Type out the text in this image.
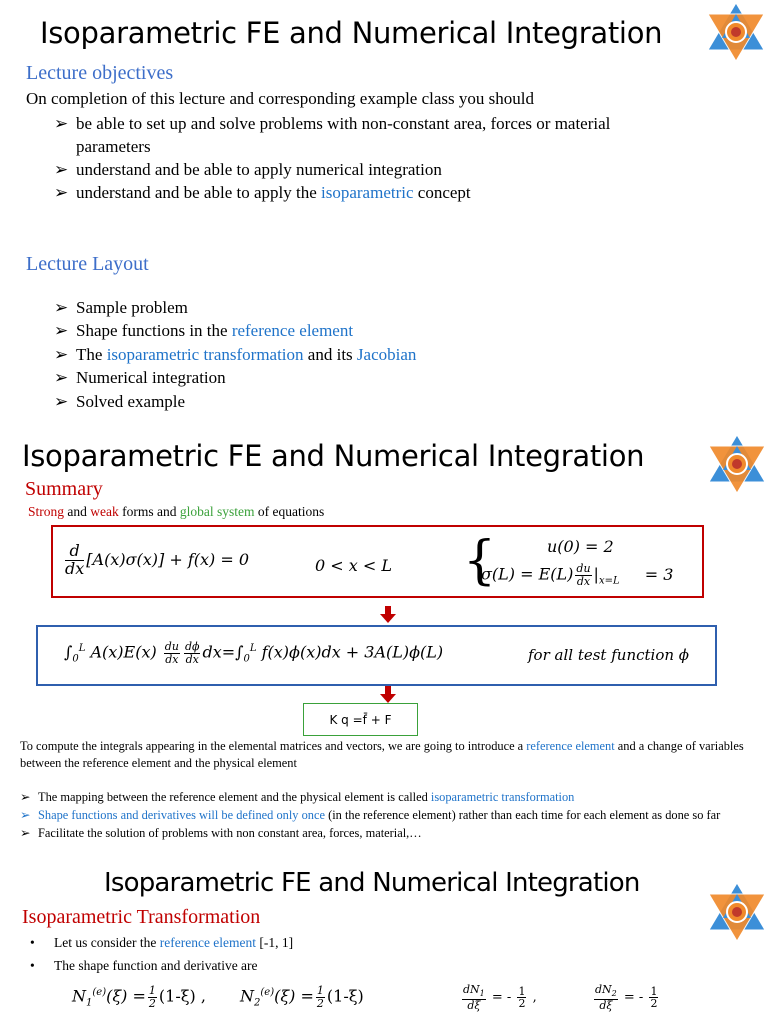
Isoparametric FE and Numerical Integration
Lecture objectives
On completion of this lecture and corresponding example class you should
➢ be able to set up and solve problems with non-constant area, forces or material
parameters
➢ understand and be able to apply numerical integration
➢ understand and be able to apply the isoparametric concept
Lecture Layout
➢ Sample problem
➢ Shape functions in the reference element
➢ The isoparametric transformation and its Jacobian
➢ Numerical integration
➢ Solved example
Isoparametric FE and Numerical Integration
Summary
Strong and weak forms and global system of equations
$\frac{d}{dx} [A(x)\sigma(x)] + f(x) = 0$	0 < x < L {	u(0) = 2
$\sigma(L) = E(L) \frac{du}{dx} |_{x=L} = 3$
$\int_0^L$ $A(x)E(x) \frac{du}{dx} \frac{d\phi}{dx} dx=\int_0^L$ f(x)ϕ(x)dx + 3A(L)ϕ(L)	for all test function ϕ
K q =f̄ + F
To compute the integrals appearing in the elemental matrices and vectors, we are going to introduce a reference element and a change of variables between the reference element and the physical element
➢ The mapping between the reference element and the physical element is called isoparametric transformation
➢ Shape functions and derivatives will be defined only once (in the reference element) rather than each time for each element as done so far
➢ Facilitate the solution of problems with non constant area, forces, material,…
Isoparametric FE and Numerical Integration
Isoparametric Transformation
• Let us consider the reference element [-1, 1]
• The shape function and derivative are
$N_1^{(e)}(\xi) = \frac{1}{2} (1-\xi)$ , $N_2^{(e)}(\xi) = \frac{1}{2} (1-\xi)$	$\frac{dN_1}{d\xi}$ = - $\frac{1}{2}$ ,	$\frac{dN_2}{d\xi}$ = - $\frac{1}{2}$
